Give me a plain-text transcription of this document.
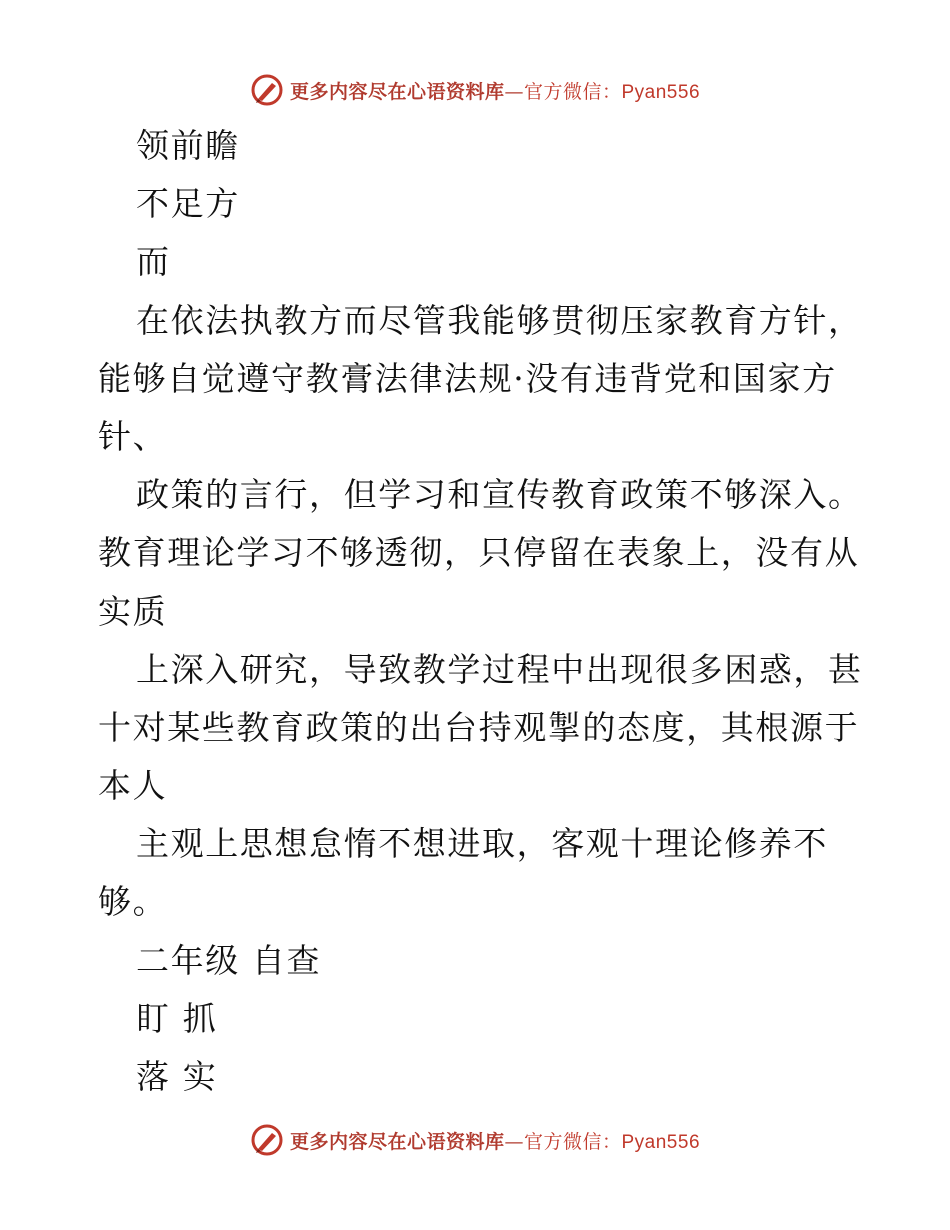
更多内容尽在心语资料库—官方微信：Pyan556
领前瞻
不足方
而
在依法执教方而尽管我能够贯彻压家教育方针，
能够自觉遵守教膏法律法规·没有违背党和国家方
针、
政策的言行，但学习和宣传教育政策不够深入。
教育理论学习不够透彻，只停留在表象上，没有从
实质
上深入研究，导致教学过程中出现很多困惑，甚
十对某些教育政策的出台持观掣的态度，其根源于
本人
主观上思想怠惰不想进取，客观十理论修养不
够。
二年级 自查
盯 抓
落 实
更多内容尽在心语资料库—官方微信：Pyan556
